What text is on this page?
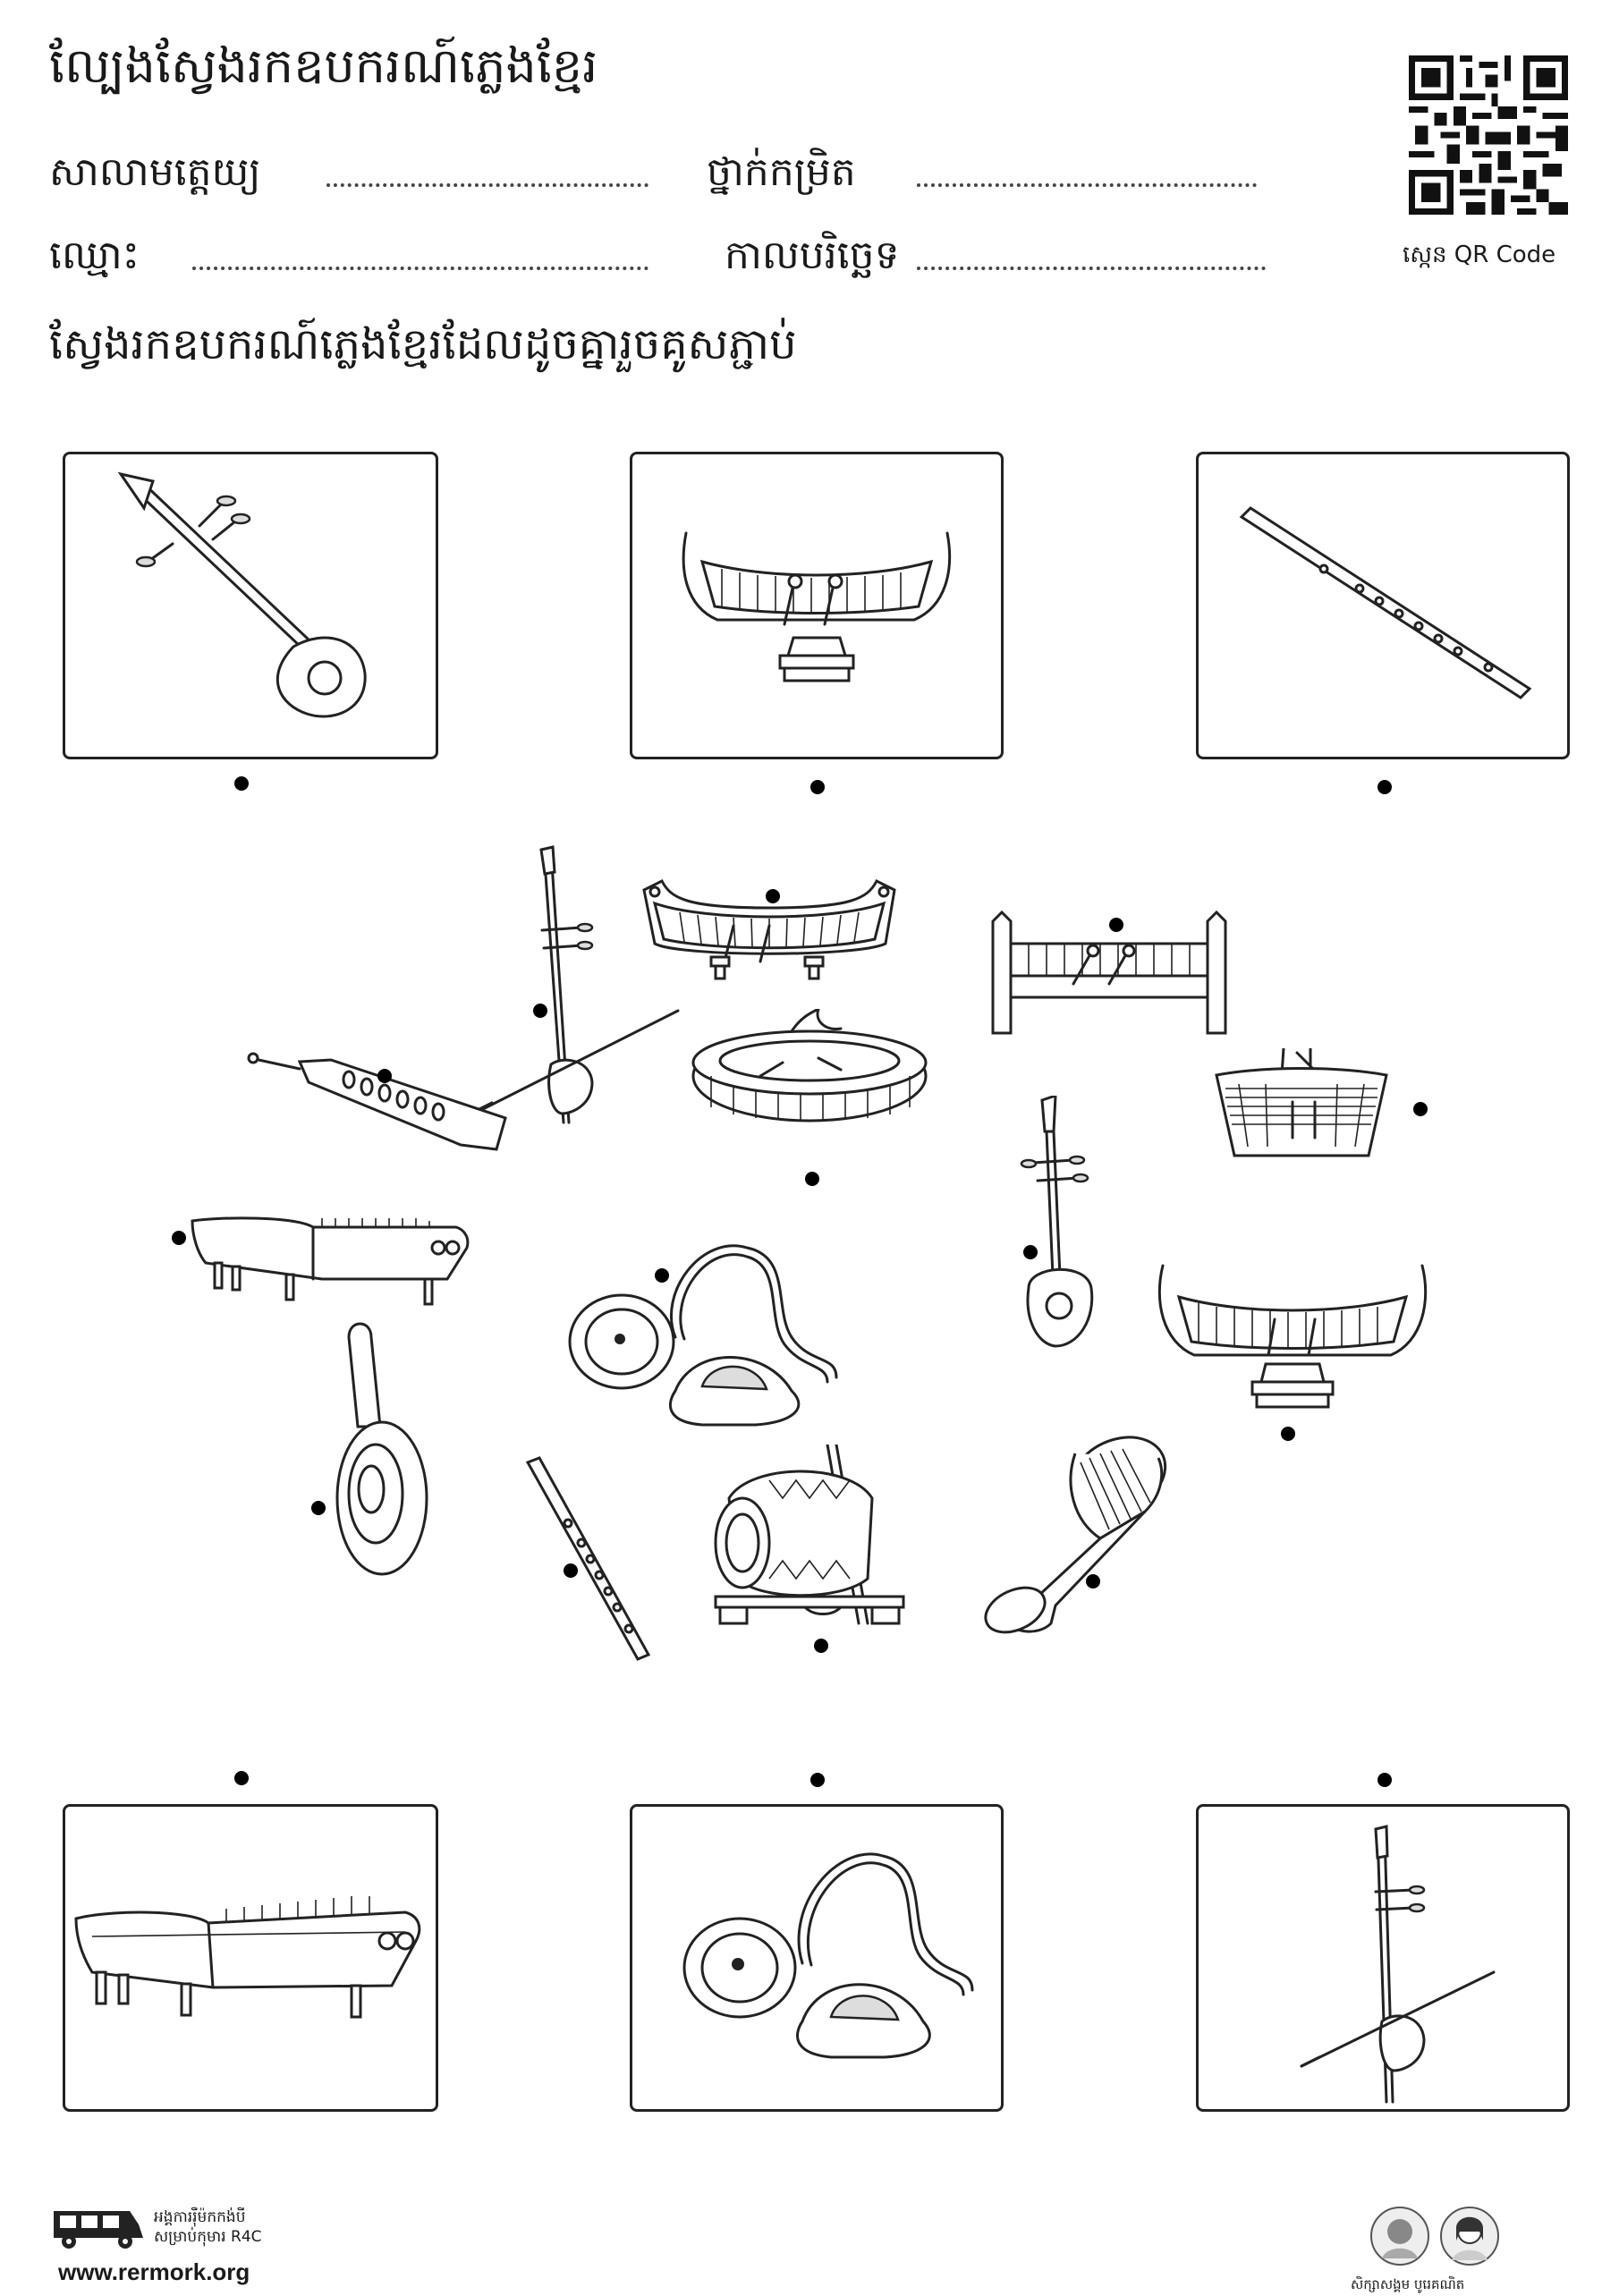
ល្បែងស្វែងរកឧបករណ៍ភ្លេងខ្មែរ
សាលាមត្តេយ្យ	ថ្នាក់កម្រិត
ឈ្មោះ	កាលបរិច្ឆេទ	ស្កេន QR Code
ស្វែងរកឧបករណ៍ភ្លេងខ្មែរដែលដូចគ្នារួចគូសភ្ជាប់
អង្គការរ៉ឺម៉កកង់បី
សម្រាប់កុមារ R4C
www.rermork.org	សិក្សាសង្គម បូរេគណិត
